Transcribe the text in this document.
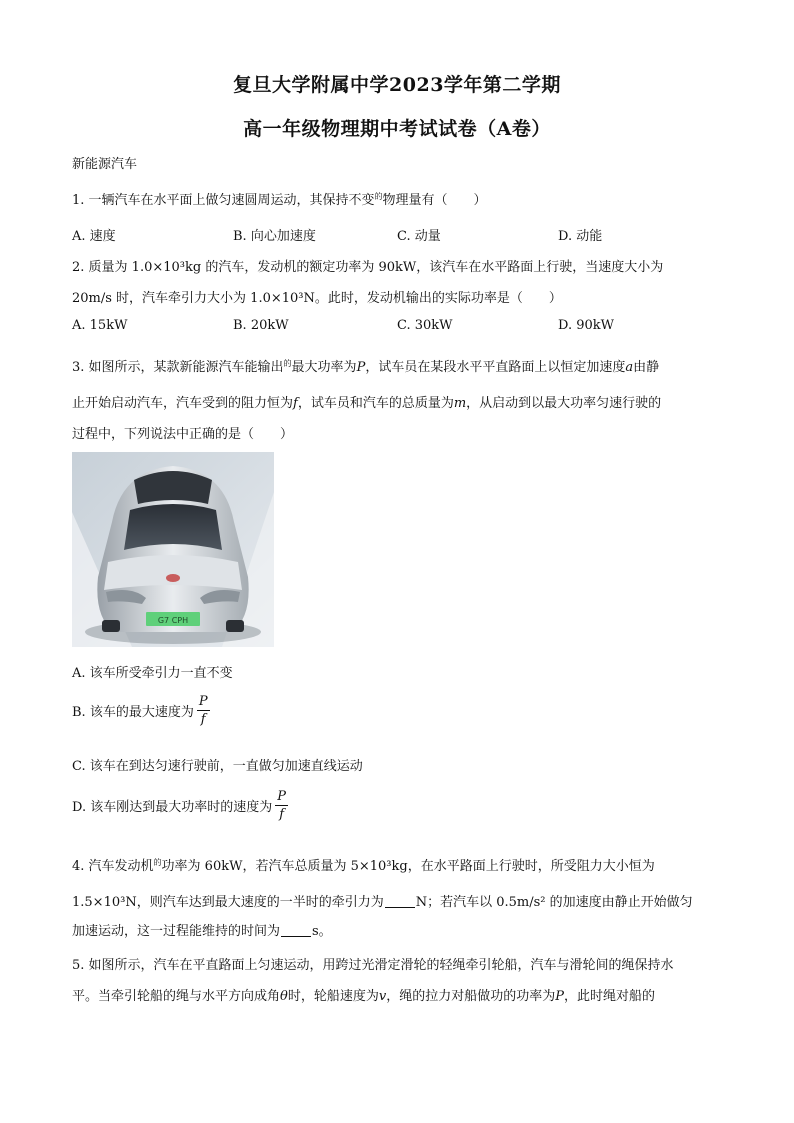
复旦大学附属中学2023学年第二学期
高一年级物理期中考试试卷（A卷）
新能源汽车
1. 一辆汽车在水平面上做匀速圆周运动，其保持不变$^的$物理量有（　　）
A. 速度	B. 向心加速度	C. 动量	D. 动能
2. 质量为 1.0×10³kg 的汽车，发动机的额定功率为 90kW，该汽车在水平路面上行驶，当速度大小为
20m/s 时，汽车牵引力大小为 1.0×10³N。此时，发动机输出的实际功率是（　　）
A. 15kW	B. 20kW	C. 30kW	D. 90kW
3. 如图所示，某款新能源汽车能输出$^的$最大功率为P，试车员在某段水平平直路面上以恒定加速度a由静
止开始启动汽车，汽车受到的阻力恒为f，试车员和汽车的总质量为m，从启动到以最大功率匀速行驶的
过程中，下列说法中正确的是（　　）
G7 CPH
A. 该车所受牵引力一直不变
B. 该车的最大速度为 $\frac{P}{f}$
C. 该车在到达匀速行驶前，一直做匀加速直线运动
D. 该车刚达到最大功率时的速度为 $\frac{P}{f}$
4. 汽车发动机$^的$功率为 60kW，若汽车总质量为 5×10³kg，在水平路面上行驶时，所受阻力大小恒为
1.5×10³N，则汽车达到最大速度的一半时的牵引力为 N；若汽车以 0.5m/s² 的加速度由静止开始做匀
加速运动，这一过程能维持的时间为 s。
5. 如图所示，汽车在平直路面上匀速运动，用跨过光滑定滑轮的轻绳牵引轮船，汽车与滑轮间的绳保持水
平。当牵引轮船的绳与水平方向成角θ时，轮船速度为v，绳的拉力对船做功的功率为P，此时绳对船的
